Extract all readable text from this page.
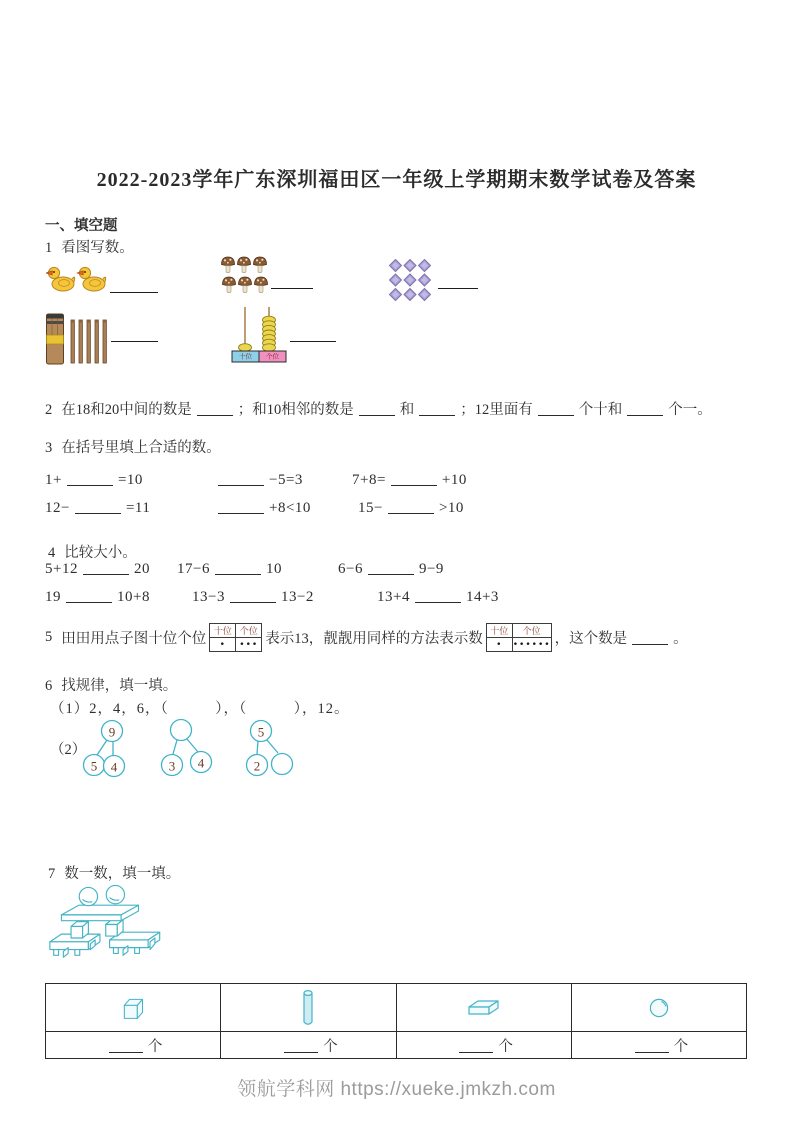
2022-2023学年广东深圳福田区一年级上学期期末数学试卷及答案
一、填空题
1 看图写数。
十位 个位
2 在18和20中间的数是	；和10相邻的数是	和	；12里面有	个十和	个一。
3 在括号里填上合适的数。
1+	=10	−5=3	7+8=	+10
12−	=11	+8<10	15−	>10
4 比较大小。
5+12	20 17−6	10	6−6	9−9
19	10+8	13−3	13−2	13+4	14+3
5 田田用点子图十位个位
十位	个位
•	••• 表示13，靓靓用同样的方法表示数
十位	个位
•	•••••• ，这个数是	。
6 找规律，填一填。
（1）2，4，6，（　　　），（　　　），12。
（2）
9
5 4	3 4
5
2
7 数一数，填一填。

个	个	个	个
领航学科网 https://xueke.jmkzh.com
